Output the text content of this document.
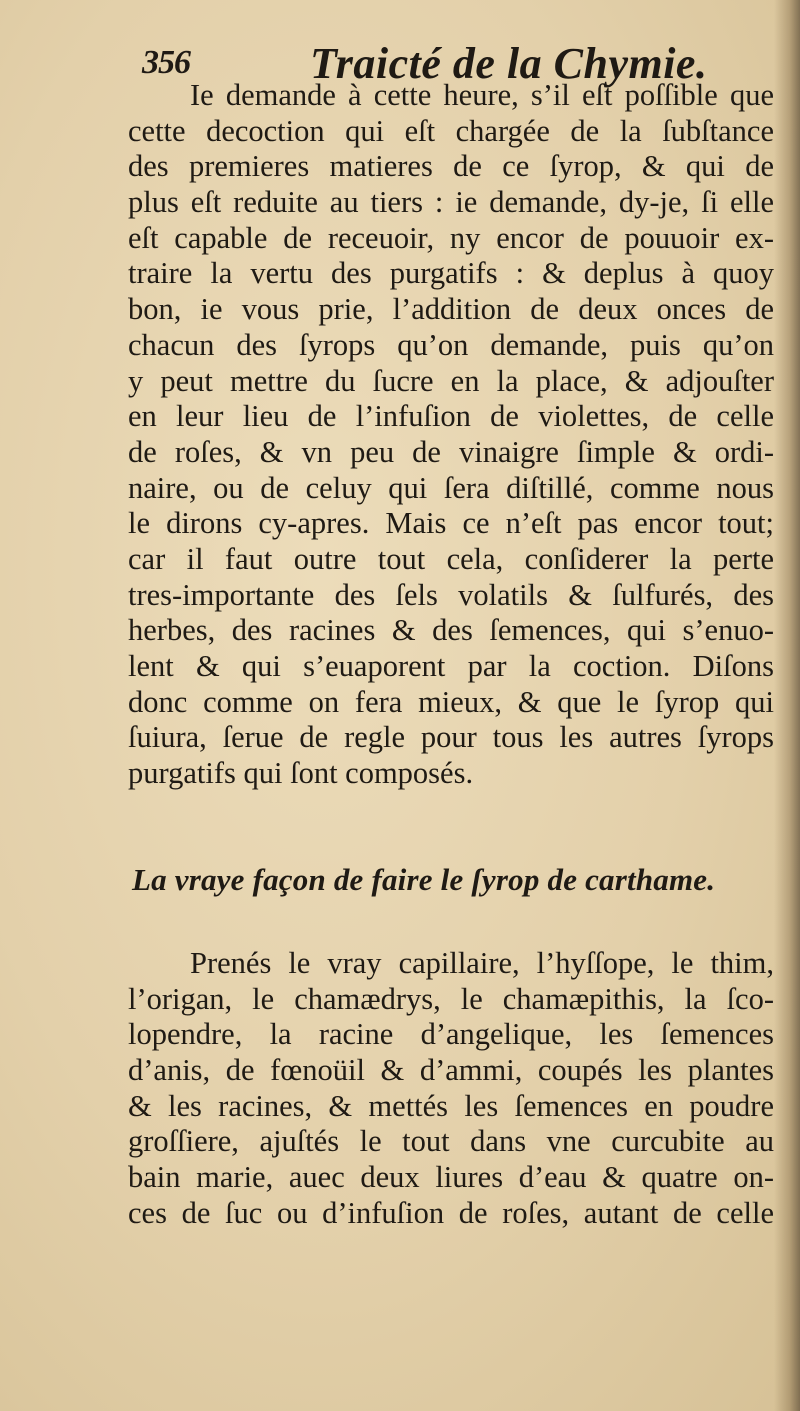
356	Traicté de la Chymie.
Ie demande à cette heure, s’il eſt poſſible que
cette decoction qui eſt chargée de la ſubſtance
des premieres matieres de ce ſyrop, & qui de
plus eſt reduite au tiers : ie demande, dy-je, ſi elle
eſt capable de receuoir, ny encor de pouuoir ex-
traire la vertu des purgatifs : & deplus à quoy
bon, ie vous prie, l’addition de deux onces de
chacun des ſyrops qu’on demande, puis qu’on
y peut mettre du ſucre en la place, & adjouſter
en leur lieu de l’infuſion de violettes, de celle
de roſes, & vn peu de vinaigre ſimple & ordi-
naire, ou de celuy qui ſera diſtillé, comme nous
le dirons cy-apres. Mais ce n’eſt pas encor tout;
car il faut outre tout cela, conſiderer la perte
tres-importante des ſels volatils & ſulfurés, des
herbes, des racines & des ſemences, qui s’enuo-
lent & qui s’euaporent par la coction. Diſons
donc comme on fera mieux, & que le ſyrop qui
ſuiura, ſerue de regle pour tous les autres ſyrops
purgatifs qui ſont composés.
La vraye façon de faire le ſyrop de carthame.
Prenés le vray capillaire, l’hyſſope, le thim,
l’origan, le chamædrys, le chamæpithis, la ſco-
lopendre, la racine d’angelique, les ſemences
d’anis, de fœnoüil & d’ammi, coupés les plantes
& les racines, & mettés les ſemences en poudre
groſſiere, ajuſtés le tout dans vne curcubite au
bain marie, auec deux liures d’eau & quatre on-
ces de ſuc ou d’infuſion de roſes, autant de celle
